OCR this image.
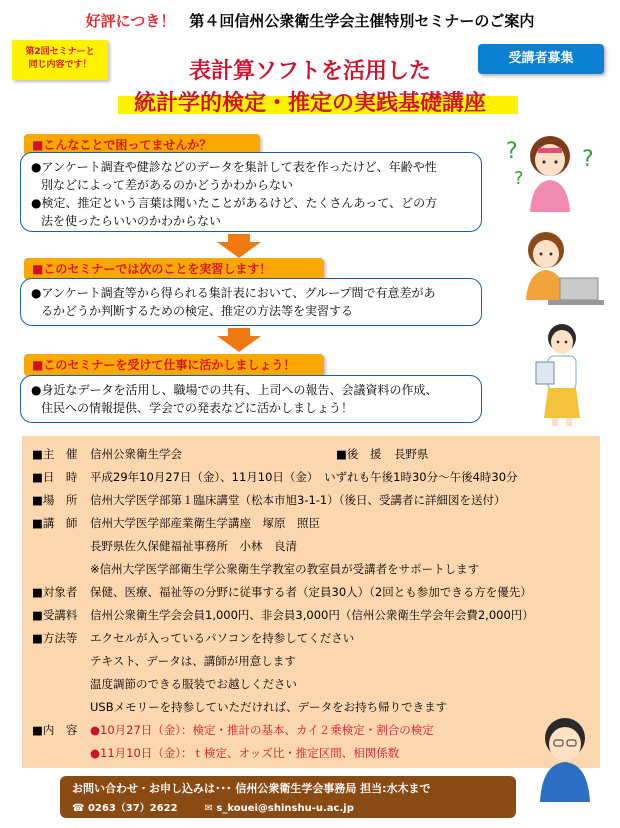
好評につき！ 第４回信州公衆衛生学会主催特別セミナーのご案内
第2回セミナーと
同じ内容です！	受講者募集
表計算ソフトを活用した
統計学的検定・推定の実践基礎講座
■こんなことで困ってませんか？

●アンケート調査や健診などのデータを集計して表を作ったけど、年齢や性

別などによって差があるのかどうかわからない

●検定、推定という言葉は聞いたことがあるけど、たくさんあって、どの方

法を使ったらいいのかわからない

■このセミナーでは次のことを実習します！

●アンケート調査等から得られる集計表において、グループ間で有意差があ

るかどうか判断するための検定、推定の方法等を実習する

■このセミナーを受けて仕事に活かしましょう！

●身近なデータを活用し、職場での共有、上司への報告、会議資料の作成、

住民への情報提供、学会での発表などに活かしましょう！

?
?
?
■主　催 信州公衆衛生学会	■後　援 長野県
■日　時 平成29年10月27日（金）、11月10日（金）　いずれも午後1時30分～午後4時30分
■場　所 信州大学医学部第１臨床講堂（松本市旭3-1-1）（後日、受講者に詳細図を送付）
■講　師 信州大学医学部産業衛生学講座　塚原　照臣
長野県佐久保健福祉事務所　小林　良清
※信州大学医学部衛生学公衆衛生学教室の教室員が受講者をサポートします
■対象者 保健、医療、福祉等の分野に従事する者（定員30人）（2回とも参加できる方を優先）
■受講料 信州公衆衛生学会会員1,000円、非会員3,000円（信州公衆衛生学会年会費2,000円）
■方法等 エクセルが入っているパソコンを持参してください
テキスト、データは、講師が用意します
温度調節のできる服装でお越しください
USBメモリーを持参していただければ、データをお持ち帰りできます
■内　容 ●10月27日（金）：検定・推計の基本、カイ２乗検定・割合の検定
●11月10日（金）：ｔ検定、オッズ比・推定区間、相関係数
お問い合わせ・お申し込みは･･･ 信州公衆衛生学会事務局 担当:水木まで
☎ 0263（37）2622	✉ s_kouei@shinshu-u.ac.jp
